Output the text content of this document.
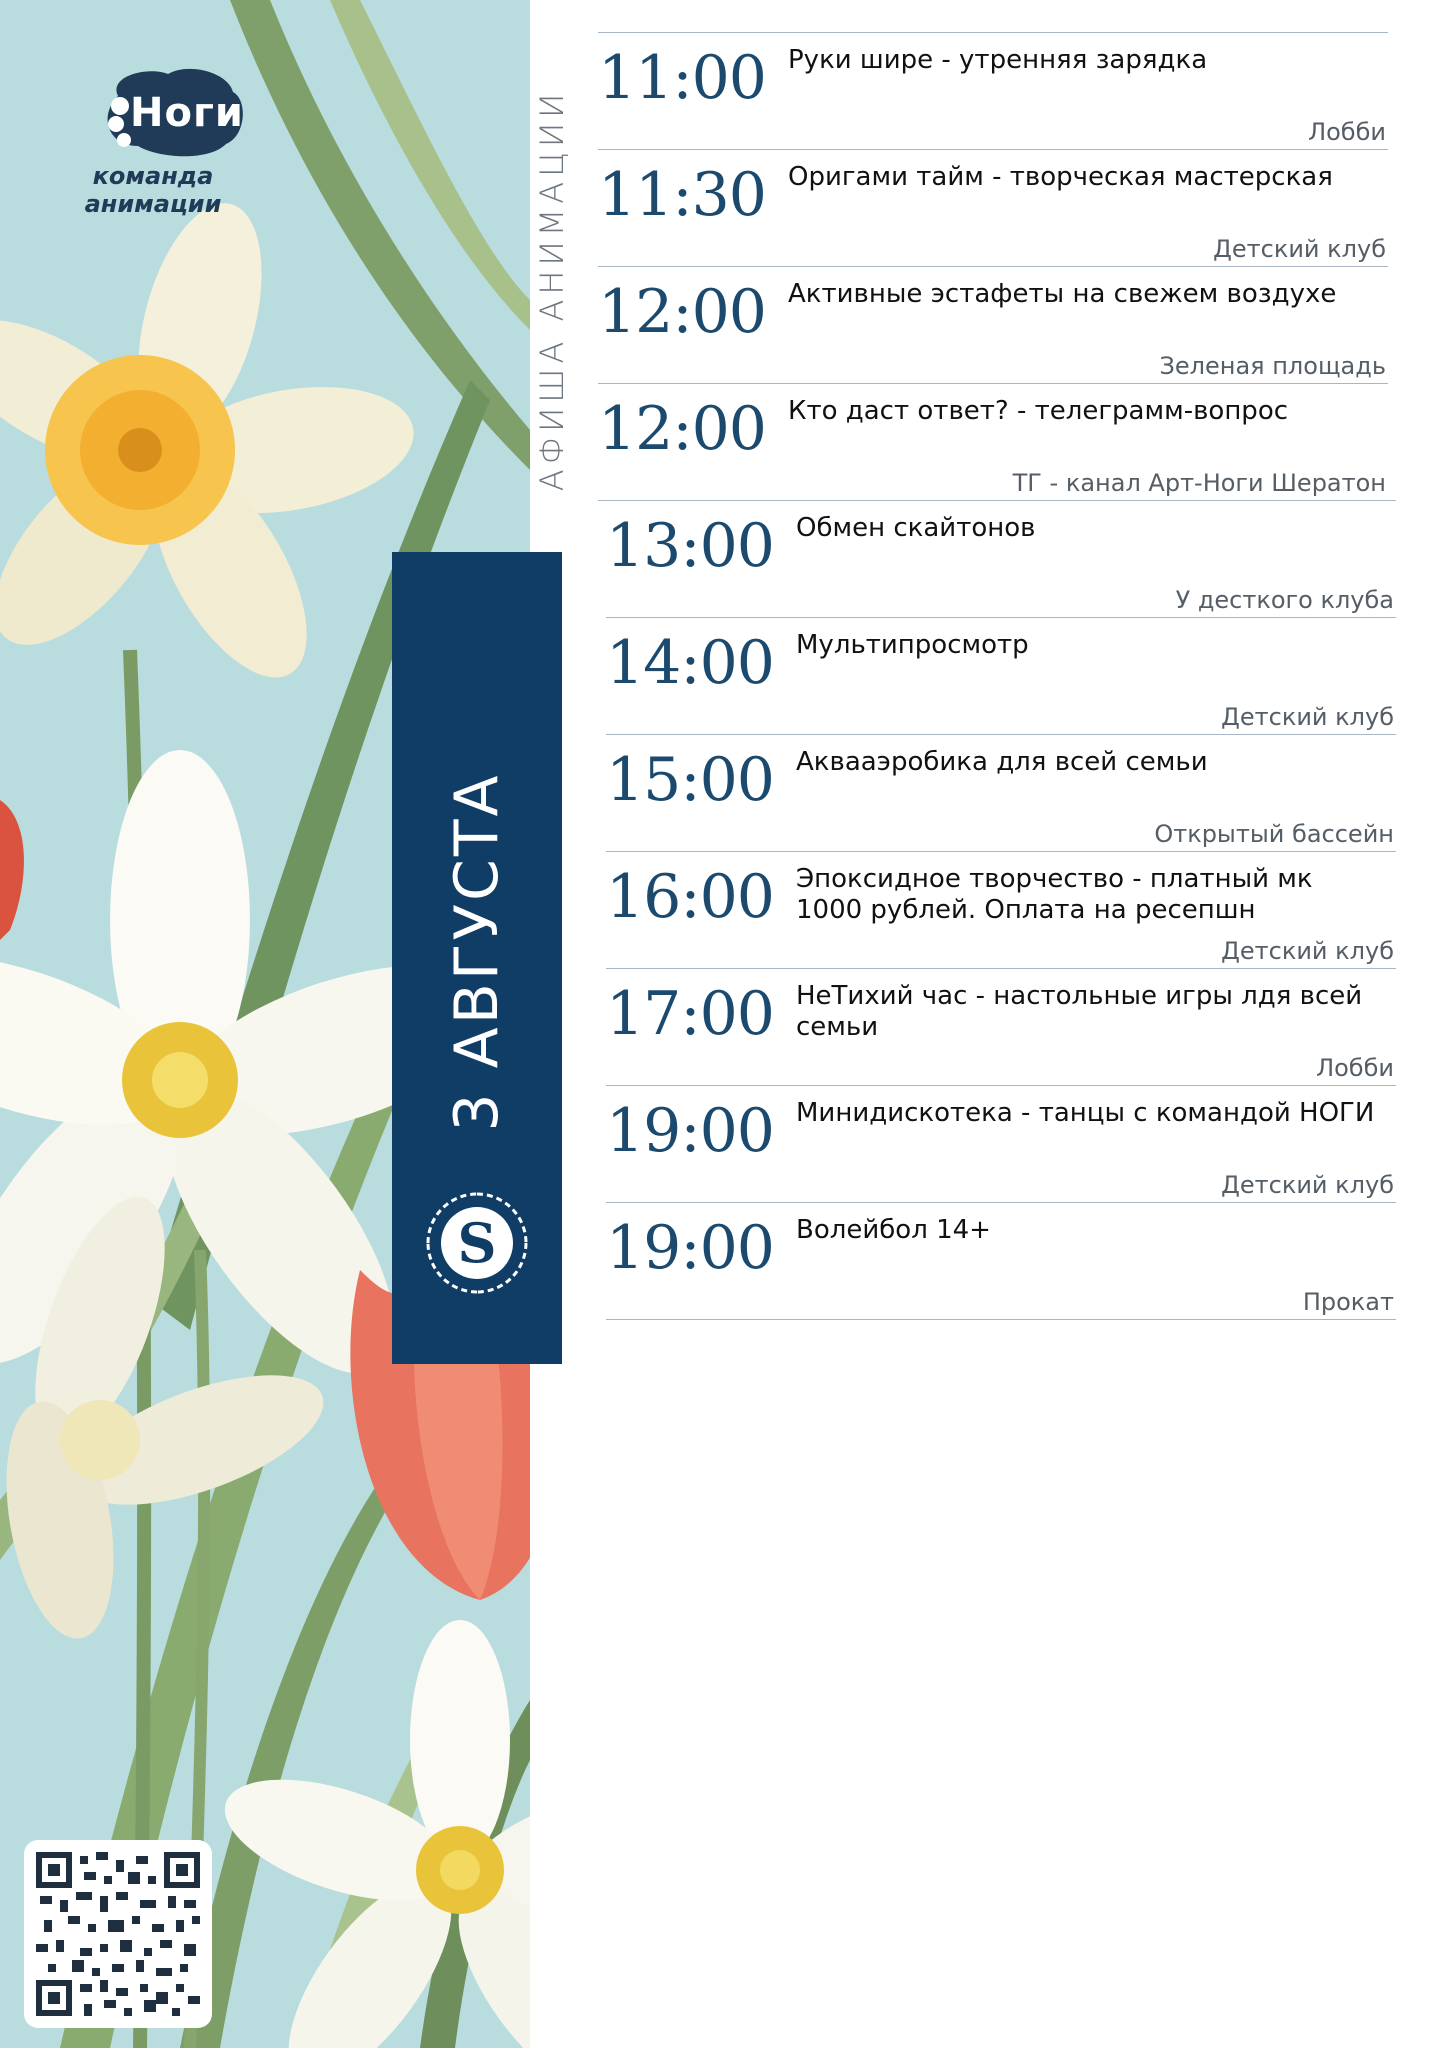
Ноги
команда анимации
3 АВГУСТА
S
АФИША АНИМАЦИИ
11:00 Руки шире - утренняя зарядка
Лобби
11:30 Оригами тайм - творческая мастерская
Детский клуб
12:00 Активные эстафеты на свежем воздухе
Зеленая площадь
12:00 Кто даст ответ? - телеграмм-вопрос
ТГ - канал Арт-Ноги Шератон
13:00 Обмен скайтонов
У десткого клуба
14:00 Мультипросмотр
Детский клуб
15:00 Аквааэробика для всей семьи
Открытый бассейн
16:00 Эпоксидное творчество - платный мк 1000 рублей. Оплата на ресепшн
Детский клуб
17:00 НеТихий час - настольные игры лдя всей семьи
Лобби
19:00 Минидискотека - танцы с командой НОГИ
Детский клуб
19:00 Волейбол 14+
Прокат
